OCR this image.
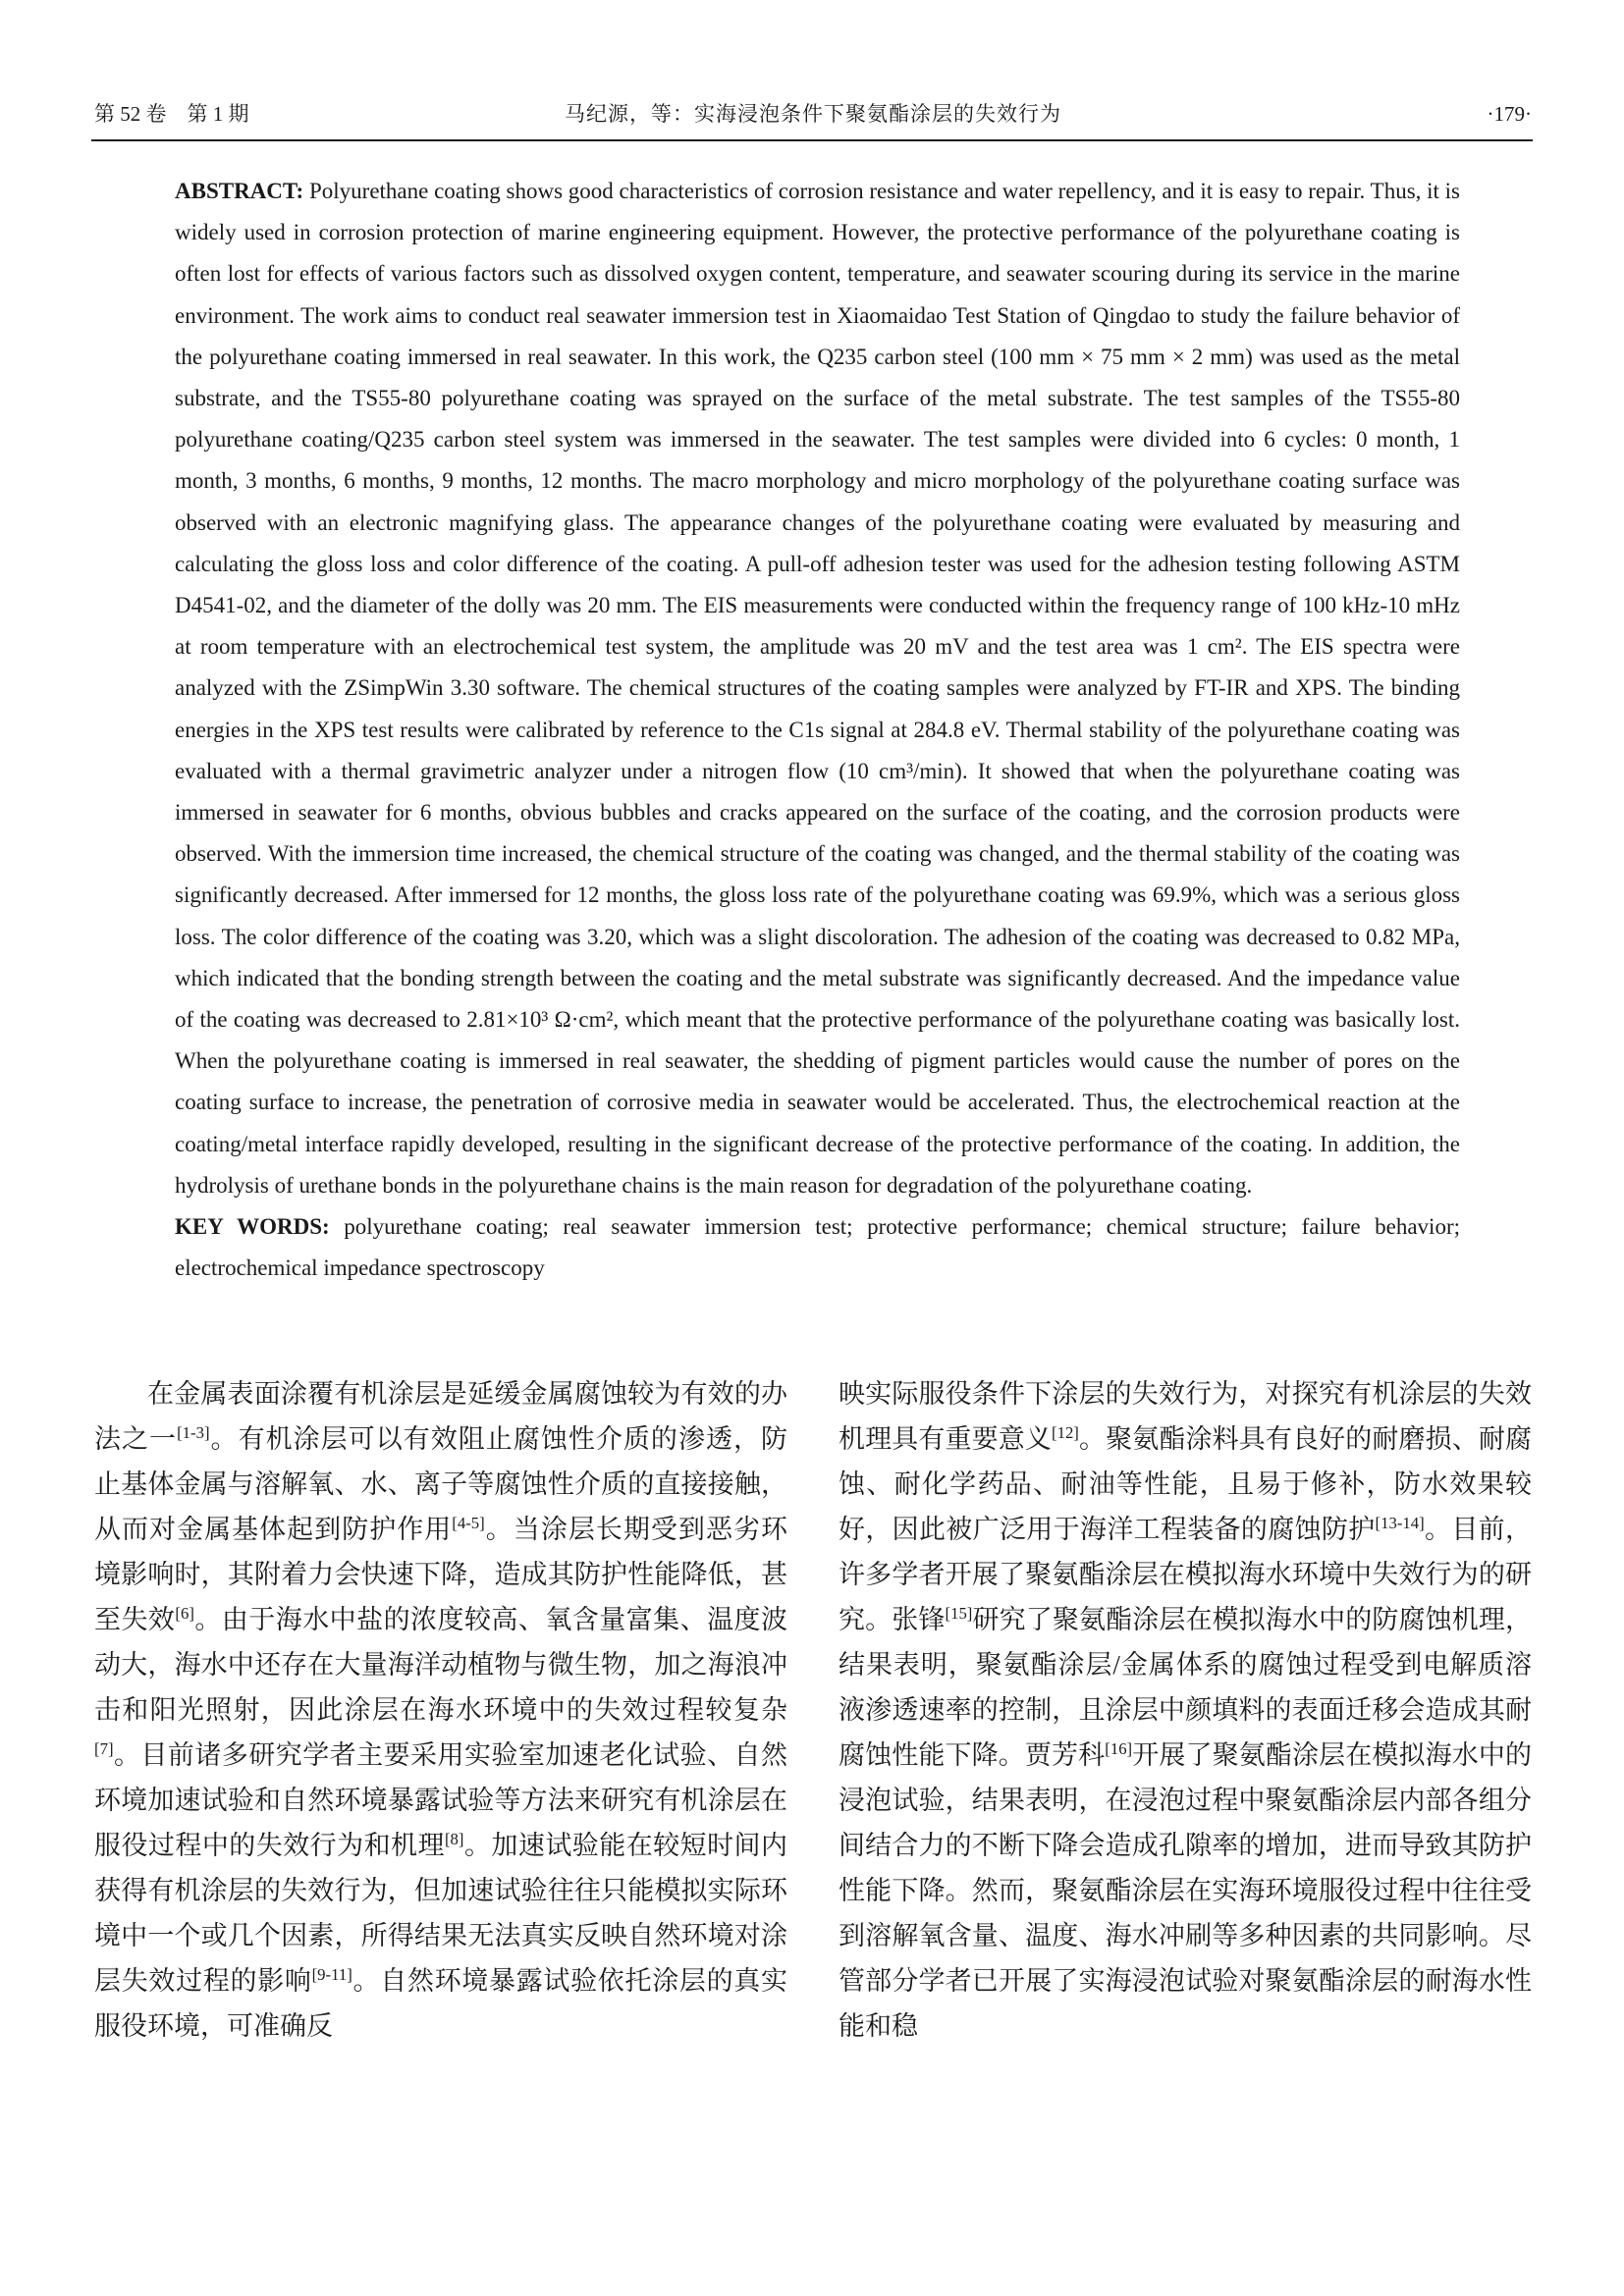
第 52 卷　第 1 期	马纪源，等：实海浸泡条件下聚氨酯涂层的失效行为	·179·

ABSTRACT: Polyurethane coating shows good characteristics of corrosion resistance and water repellency, and it is easy to repair. Thus, it is widely used in corrosion protection of marine engineering equipment. However, the protective performance of the polyurethane coating is often lost for effects of various factors such as dissolved oxygen content, temperature, and seawater scouring during its service in the marine environment. The work aims to conduct real seawater immersion test in Xiaomaidao Test Station of Qingdao to study the failure behavior of the polyurethane coating immersed in real seawater. In this work, the Q235 carbon steel (100 mm × 75 mm × 2 mm) was used as the metal substrate, and the TS55-80 polyurethane coating was sprayed on the surface of the metal substrate. The test samples of the TS55-80 polyurethane coating/Q235 carbon steel system was immersed in the seawater. The test samples were divided into 6 cycles: 0 month, 1 month, 3 months, 6 months, 9 months, 12 months. The macro morphology and micro morphology of the polyurethane coating surface was observed with an electronic magnifying glass. The appearance changes of the polyurethane coating were evaluated by measuring and calculating the gloss loss and color difference of the coating. A pull-off adhesion tester was used for the adhesion testing following ASTM D4541-02, and the diameter of the dolly was 20 mm. The EIS measurements were conducted within the frequency range of 100 kHz-10 mHz at room temperature with an electrochemical test system, the amplitude was 20 mV and the test area was 1 cm². The EIS spectra were analyzed with the ZSimpWin 3.30 software. The chemical structures of the coating samples were analyzed by FT-IR and XPS. The binding energies in the XPS test results were calibrated by reference to the C1s signal at 284.8 eV. Thermal stability of the polyurethane coating was evaluated with a thermal gravimetric analyzer under a nitrogen flow (10 cm³/min). It showed that when the polyurethane coating was immersed in seawater for 6 months, obvious bubbles and cracks appeared on the surface of the coating, and the corrosion products were observed. With the immersion time increased, the chemical structure of the coating was changed, and the thermal stability of the coating was significantly decreased. After immersed for 12 months, the gloss loss rate of the polyurethane coating was 69.9%, which was a serious gloss loss. The color difference of the coating was 3.20, which was a slight discoloration. The adhesion of the coating was decreased to 0.82 MPa, which indicated that the bonding strength between the coating and the metal substrate was significantly decreased. And the impedance value of the coating was decreased to 2.81×10³ Ω·cm², which meant that the protective performance of the polyurethane coating was basically lost. When the polyurethane coating is immersed in real seawater, the shedding of pigment particles would cause the number of pores on the coating surface to increase, the penetration of corrosive media in seawater would be accelerated. Thus, the electrochemical reaction at the coating/metal interface rapidly developed, resulting in the significant decrease of the protective performance of the coating. In addition, the hydrolysis of urethane bonds in the polyurethane chains is the main reason for degradation of the polyurethane coating.

KEY WORDS: polyurethane coating; real seawater immersion test; protective performance; chemical structure; failure behavior; electrochemical impedance spectroscopy

在金属表面涂覆有机涂层是延缓金属腐蚀较为有效的办法之一[1-3]。有机涂层可以有效阻止腐蚀性介质的渗透，防止基体金属与溶解氧、水、离子等腐蚀性介质的直接接触，从而对金属基体起到防护作用[4-5]。当涂层长期受到恶劣环境影响时，其附着力会快速下降，造成其防护性能降低，甚至失效[6]。由于海水中盐的浓度较高、氧含量富集、温度波动大，海水中还存在大量海洋动植物与微生物，加之海浪冲击和阳光照射，因此涂层在海水环境中的失效过程较复杂[7]。目前诸多研究学者主要采用实验室加速老化试验、自然环境加速试验和自然环境暴露试验等方法来研究有机涂层在服役过程中的失效行为和机理[8]。加速试验能在较短时间内获得有机涂层的失效行为，但加速试验往往只能模拟实际环境中一个或几个因素，所得结果无法真实反映自然环境对涂层失效过程的影响[9-11]。自然环境暴露试验依托涂层的真实服役环境，可准确反

映实际服役条件下涂层的失效行为，对探究有机涂层的失效机理具有重要意义[12]。聚氨酯涂料具有良好的耐磨损、耐腐蚀、耐化学药品、耐油等性能，且易于修补，防水效果较好，因此被广泛用于海洋工程装备的腐蚀防护[13-14]。目前，许多学者开展了聚氨酯涂层在模拟海水环境中失效行为的研究。张锋[15]研究了聚氨酯涂层在模拟海水中的防腐蚀机理，结果表明，聚氨酯涂层/金属体系的腐蚀过程受到电解质溶液渗透速率的控制，且涂层中颜填料的表面迁移会造成其耐腐蚀性能下降。贾芳科[16]开展了聚氨酯涂层在模拟海水中的浸泡试验，结果表明，在浸泡过程中聚氨酯涂层内部各组分间结合力的不断下降会造成孔隙率的增加，进而导致其防护性能下降。然而，聚氨酯涂层在实海环境服役过程中往往受到溶解氧含量、温度、海水冲刷等多种因素的共同影响。尽管部分学者已开展了实海浸泡试验对聚氨酯涂层的耐海水性能和稳
